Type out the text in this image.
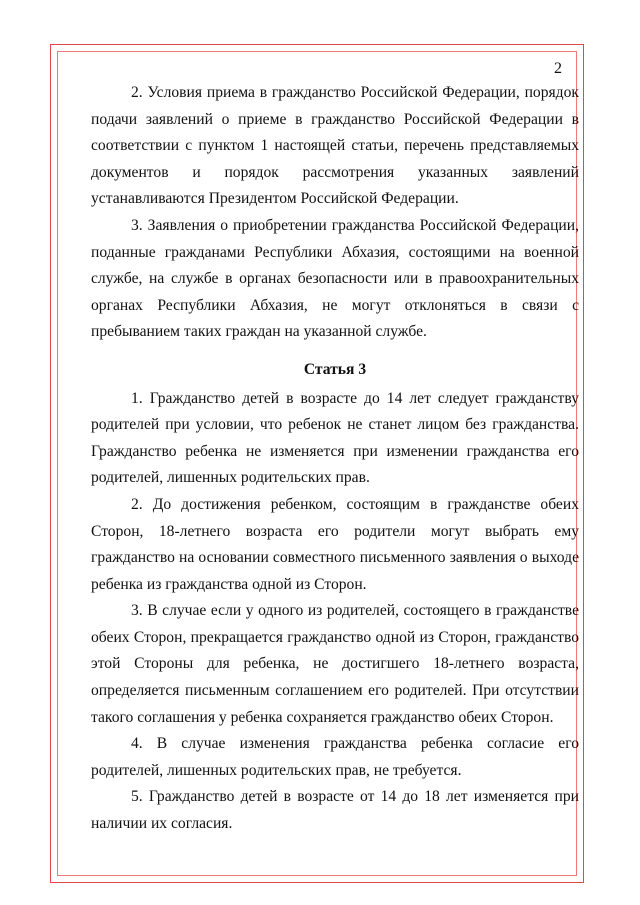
2

2. Условия приема в гражданство Российской Федерации, порядок подачи заявлений о приеме в гражданство Российской Федерации в соответствии с пунктом 1 настоящей статьи, перечень представляемых документов и порядок рассмотрения указанных заявлений устанавливаются Президентом Российской Федерации.

3. Заявления о приобретении гражданства Российской Федерации, поданные гражданами Республики Абхазия, состоящими на военной службе, на службе в органах безопасности или в правоохранительных органах Республики Абхазия, не могут отклоняться в связи с пребыванием таких граждан на указанной службе.

Статья 3

1. Гражданство детей в возрасте до 14 лет следует гражданству родителей при условии, что ребенок не станет лицом без гражданства. Гражданство ребенка не изменяется при изменении гражданства его родителей, лишенных родительских прав.

2. До достижения ребенком, состоящим в гражданстве обеих Сторон, 18-летнего возраста его родители могут выбрать ему гражданство на основании совместного письменного заявления о выходе ребенка из гражданства одной из Сторон.

3. В случае если у одного из родителей, состоящего в гражданстве обеих Сторон, прекращается гражданство одной из Сторон, гражданство этой Стороны для ребенка, не достигшего 18-летнего возраста, определяется письменным соглашением его родителей. При отсутствии такого соглашения у ребенка сохраняется гражданство обеих Сторон.

4. В случае изменения гражданства ребенка согласие его родителей, лишенных родительских прав, не требуется.

5. Гражданство детей в возрасте от 14 до 18 лет изменяется при наличии их согласия.
